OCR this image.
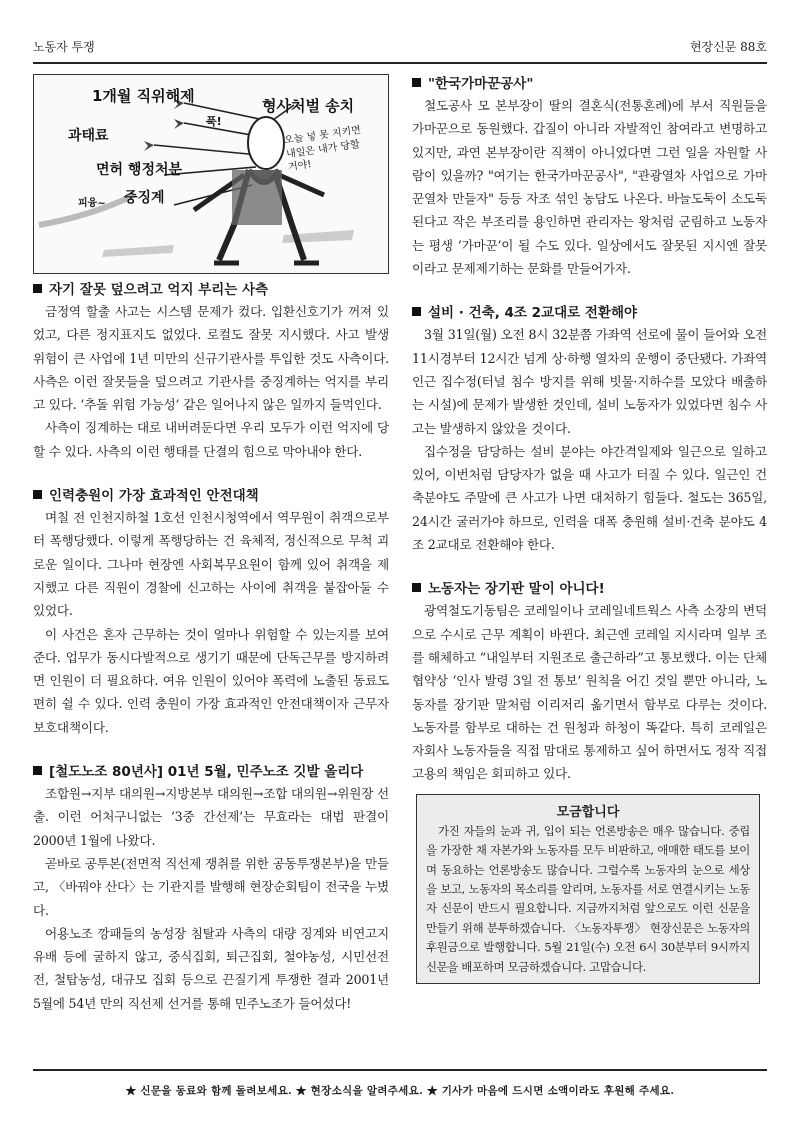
노동자 투쟁	현장신문 88호
1개월 직위해제
형사처벌 송치
과태료
면허 행정처분
중징계
푹!
오늘 넣 못 지키면
내일은 내가 당할
거야!
피융~
자기 잘못 덮으려고 억지 부리는 사측

금정역 할출 사고는 시스템 문제가 컸다. 입환신호기가 꺼져 있었고, 다른 정지표지도 없었다. 로컬도 잘못 지시했다. 사고 발생 위험이 큰 사업에 1년 미만의 신규기관사를 투입한 것도 사측이다. 사측은 이런 잘못들을 덮으려고 기관사를 중징계하는 억지를 부리고 있다. ‘추돌 위험 가능성’ 같은 일어나지 않은 일까지 들먹인다.

사측이 징계하는 대로 내버려둔다면 우리 모두가 이런 억지에 당할 수 있다. 사측의 이런 행태를 단결의 힘으로 막아내야 한다.

인력충원이 가장 효과적인 안전대책

며칠 전 인천지하철 1호선 인천시청역에서 역무원이 취객으로부터 폭행당했다. 이렇게 폭행당하는 건 육체적, 정신적으로 무척 괴로운 일이다. 그나마 현장엔 사회복무요원이 함께 있어 취객을 제지했고 다른 직원이 경찰에 신고하는 사이에 취객을 붙잡아둘 수 있었다.

이 사건은 혼자 근무하는 것이 얼마나 위험할 수 있는지를 보여준다. 업무가 동시다발적으로 생기기 때문에 단독근무를 방지하려면 인원이 더 필요하다. 여유 인원이 있어야 폭력에 노출된 동료도 편히 쉴 수 있다. 인력 충원이 가장 효과적인 안전대책이자 근무자 보호대책이다.

[철도노조 80년사] 01년 5월, 민주노조 깃발 올리다

조합원→지부 대의원→지방본부 대의원→조합 대의원→위원장 선출. 이런 어처구니없는 ‘3중 간선제’는 무효라는 대법 판결이 2000년 1월에 나왔다.

곧바로 공투본(전면적 직선제 쟁취를 위한 공동투쟁본부)을 만들고, 〈바꿔야 산다〉는 기관지를 발행해 현장순회팀이 전국을 누볐다.

어용노조 깡패들의 농성장 침탈과 사측의 대량 징계와 비연고지 유배 등에 굴하지 않고, 중식집회, 퇴근집회, 철야농성, 시민선전전, 철탑농성, 대규모 집회 등으로 끈질기게 투쟁한 결과 2001년 5월에 54년 만의 직선제 선거를 통해 민주노조가 들어섰다!

"한국가마꾼공사"

철도공사 모 본부장이 딸의 결혼식(전통혼례)에 부서 직원들을 가마꾼으로 동원했다. 갑질이 아니라 자발적인 참여라고 변명하고 있지만, 과연 본부장이란 직책이 아니었다면 그런 일을 자원할 사람이 있을까? "여기는 한국가마꾼공사", "관광열차 사업으로 가마꾼열차 만들자" 등등 자조 섞인 농담도 나온다. 바늘도둑이 소도둑 된다고 작은 부조리를 용인하면 관리자는 왕처럼 군림하고 노동자는 평생 ‘가마꾼’이 될 수도 있다. 일상에서도 잘못된 지시엔 잘못이라고 문제제기하는 문화를 만들어가자.

설비 · 건축, 4조 2교대로 전환해야

3월 31일(월) 오전 8시 32분쯤 가좌역 선로에 물이 들어와 오전 11시경부터 12시간 넘게 상·하행 열차의 운행이 중단됐다. 가좌역 인근 집수정(터널 침수 방지를 위해 빗물·지하수를 모았다 배출하는 시설)에 문제가 발생한 것인데, 설비 노동자가 있었다면 침수 사고는 발생하지 않았을 것이다.

집수정을 담당하는 설비 분야는 야간격일제와 일근으로 일하고 있어, 이번처럼 담당자가 없을 때 사고가 터질 수 있다. 일근인 건축분야도 주말에 큰 사고가 나면 대처하기 힘들다. 철도는 365일, 24시간 굴러가야 하므로, 인력을 대폭 충원해 설비·건축 분야도 4조 2교대로 전환해야 한다.

노동자는 장기판 말이 아니다!

광역철도기동팀은 코레일이나 코레일네트웍스 사측 소장의 변덕으로 수시로 근무 계획이 바뀐다. 최근엔 코레일 지시라며 일부 조를 해체하고 “내일부터 지원조로 출근하라”고 통보했다. 이는 단체협약상 ‘인사 발령 3일 전 통보’ 원칙을 어긴 것일 뿐만 아니라, 노동자를 장기판 말처럼 이리저리 옮기면서 함부로 다루는 것이다. 노동자를 함부로 대하는 건 원청과 하청이 똑같다. 특히 코레일은 자회사 노동자들을 직접 맘대로 통제하고 싶어 하면서도 정작 직접고용의 책임은 회피하고 있다.

모금합니다

가진 자들의 눈과 귀, 입이 되는 언론방송은 매우 많습니다. 중립을 가장한 채 자본가와 노동자를 모두 비판하고, 애매한 태도를 보이며 동요하는 언론방송도 많습니다. 그럴수록 노동자의 눈으로 세상을 보고, 노동자의 목소리를 알리며, 노동자를 서로 연결시키는 노동자 신문이 반드시 필요합니다. 지금까지처럼 앞으로도 이런 신문을 만들기 위해 분투하겠습니다. 〈노동자투쟁〉 현장신문은 노동자의 후원금으로 발행합니다. 5월 21일(수) 오전 6시 30분부터 9시까지 신문을 배포하며 모금하겠습니다. 고맙습니다.

★ 신문을 동료와 함께 돌려보세요. ★ 현장소식을 알려주세요. ★ 기사가 마음에 드시면 소액이라도 후원해 주세요.
